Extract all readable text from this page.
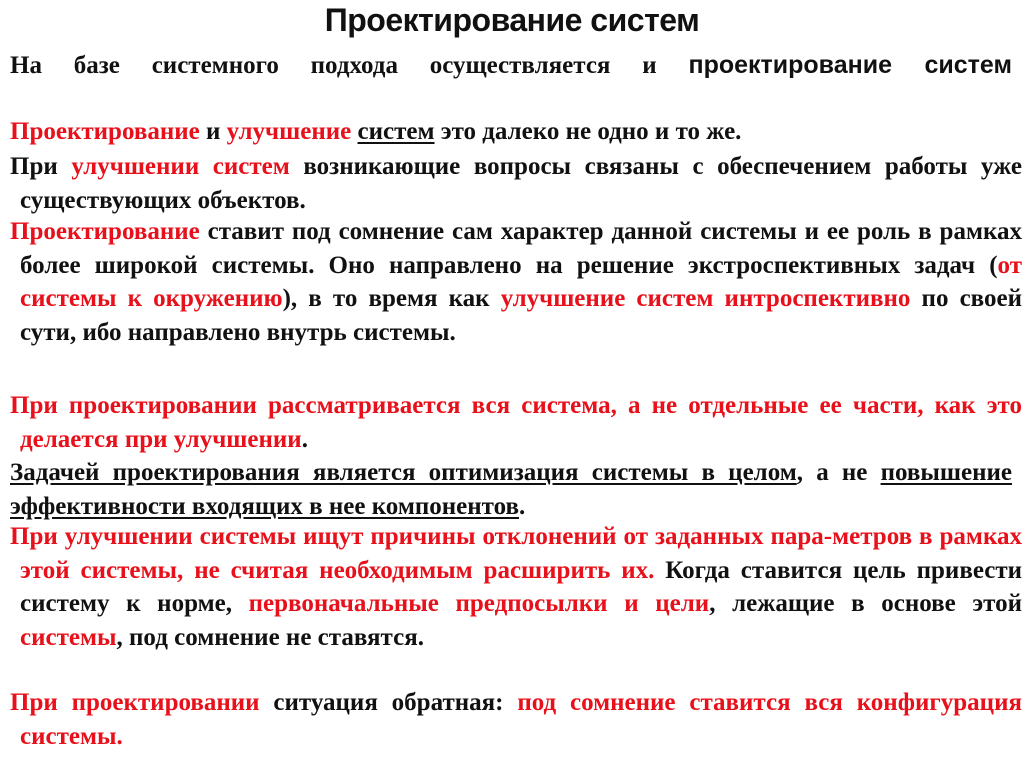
Проектирование систем
На базе системного подхода осуществляется и проектирование систем
Проектирование и улучшение систем это далеко не одно и то же.
При улучшении систем возникающие вопросы связаны с обеспечением работы уже существующих объектов.
Проектирование ставит под сомнение сам характер данной системы и ее роль в рамках более широкой системы. Оно направлено на решение экстроспективных задач (от системы к окружению), в то время как улучшение систем интроспективно по своей сути, ибо направлено внутрь системы.
При проектировании рассматривается вся система, а не отдельные ее части, как это делается при улучшении.
Задачей проектирования является оптимизация системы в целом, а не повышение эффективности входящих в нее компонентов.
При улучшении системы ищут причины отклонений от заданных пара-метров в рамках этой системы, не считая необходимым расширить их. Когда ставится цель привести систему к норме, первоначальные предпосылки и цели, лежащие в основе этой системы, под сомнение не ставятся.
При проектировании ситуация обратная: под сомнение ставится вся конфигурация системы.
